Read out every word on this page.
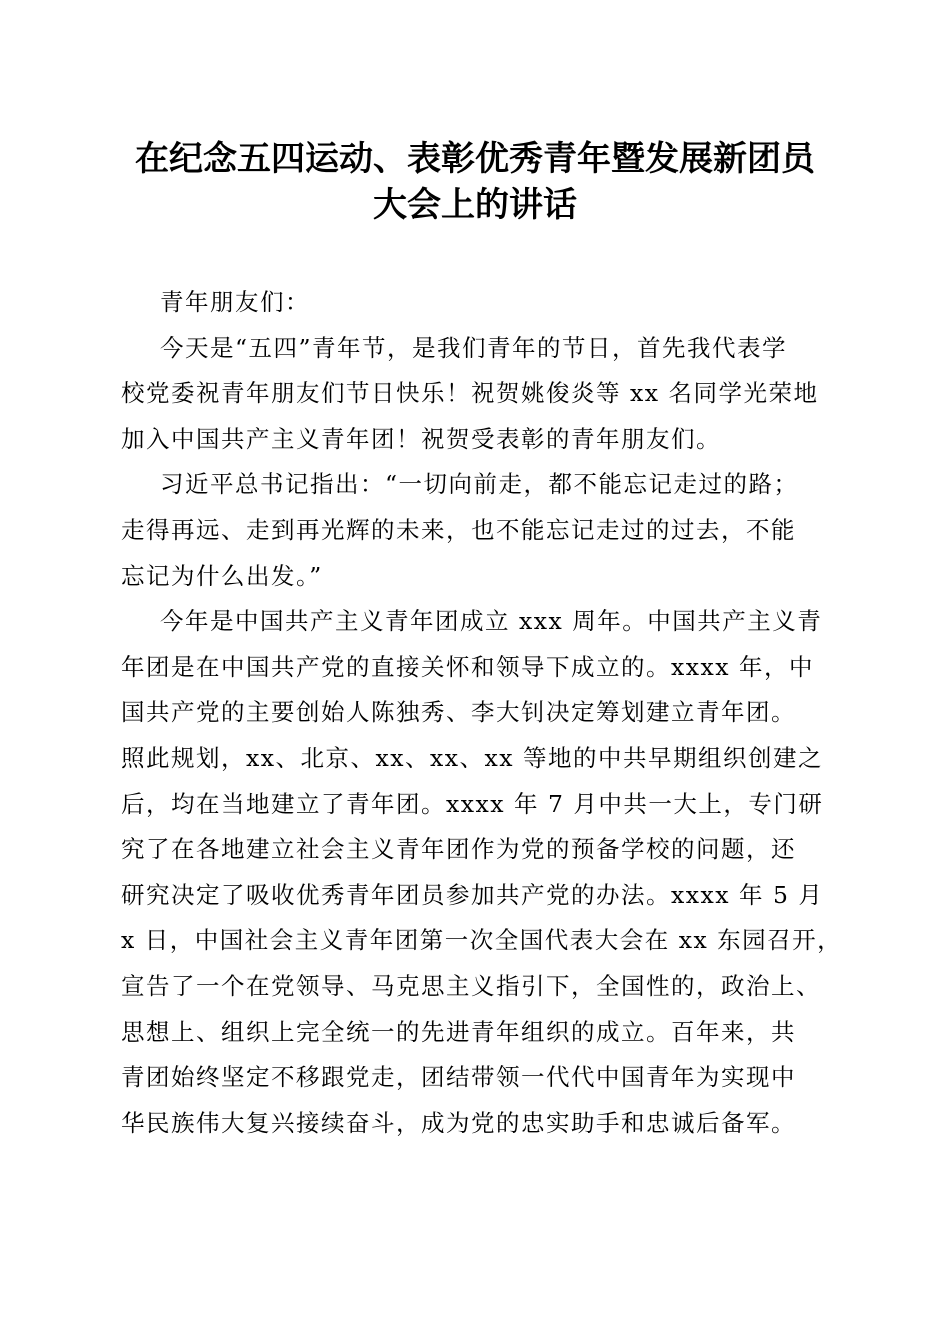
在纪念五四运动、表彰优秀青年暨发展新团员
大会上的讲话
青年朋友们：
今天是“五四”青年节，是我们青年的节日，首先我代表学
校党委祝青年朋友们节日快乐！祝贺姚俊炎等 xx 名同学光荣地
加入中国共产主义青年团！祝贺受表彰的青年朋友们。
习近平总书记指出：“一切向前走，都不能忘记走过的路；
走得再远、走到再光辉的未来，也不能忘记走过的过去，不能
忘记为什么出发。”
今年是中国共产主义青年团成立 xxx 周年。中国共产主义青
年团是在中国共产党的直接关怀和领导下成立的。xxxx 年，中
国共产党的主要创始人陈独秀、李大钊决定筹划建立青年团。
照此规划，xx、北京、xx、xx、xx 等地的中共早期组织创建之
后，均在当地建立了青年团。xxxx 年 7 月中共一大上，专门研
究了在各地建立社会主义青年团作为党的预备学校的问题，还
研究决定了吸收优秀青年团员参加共产党的办法。xxxx 年 5 月
x 日，中国社会主义青年团第一次全国代表大会在 xx 东园召开，
宣告了一个在党领导、马克思主义指引下，全国性的，政治上、
思想上、组织上完全统一的先进青年组织的成立。百年来，共
青团始终坚定不移跟党走，团结带领一代代中国青年为实现中
华民族伟大复兴接续奋斗，成为党的忠实助手和忠诚后备军。
